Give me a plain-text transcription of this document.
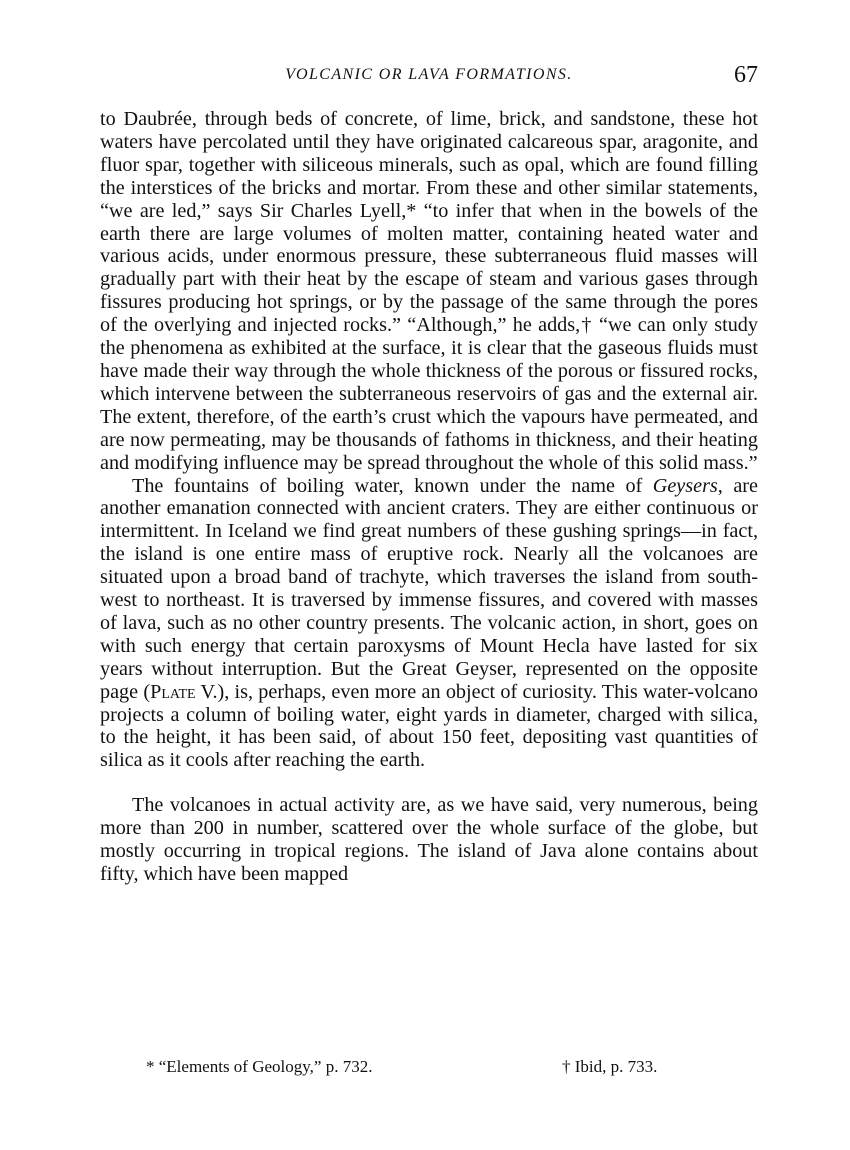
VOLCANIC OR LAVA FORMATIONS.	67

to Daubrée, through beds of concrete, of lime, brick, and sandstone, these hot waters have percolated until they have originated calcareous spar, aragonite, and fluor spar, together with siliceous minerals, such as opal, which are found filling the interstices of the bricks and mortar. From these and other similar statements, “we are led,” says Sir Charles Lyell,* “to infer that when in the bowels of the earth there are large volumes of molten matter, containing heated water and various acids, under enormous pressure, these subterraneous fluid masses will gradually part with their heat by the escape of steam and various gases through fissures producing hot springs, or by the passage of the same through the pores of the overlying and injected rocks.” “Although,” he adds,† “we can only study the phenomena as exhibited at the surface, it is clear that the gaseous fluids must have made their way through the whole thickness of the porous or fissured rocks, which intervene between the subterraneous reservoirs of gas and the external air. The extent, therefore, of the earth’s crust which the vapours have permeated, and are now permeating, may be thousands of fathoms in thickness, and their heating and modifying influence may be spread throughout the whole of this solid mass.”

The fountains of boiling water, known under the name of Geysers, are another emanation connected with ancient craters. They are either continuous or intermittent. In Iceland we find great numbers of these gushing springs—in fact, the island is one entire mass of eruptive rock. Nearly all the volcanoes are situated upon a broad band of trachyte, which traverses the island from south-west to northeast. It is traversed by immense fissures, and covered with masses of lava, such as no other country presents. The volcanic action, in short, goes on with such energy that certain paroxysms of Mount Hecla have lasted for six years without interruption. But the Great Geyser, represented on the opposite page (Plate V.), is, perhaps, even more an object of curiosity. This water-volcano projects a column of boiling water, eight yards in diameter, charged with silica, to the height, it has been said, of about 150 feet, depositing vast quantities of silica as it cools after reaching the earth.

The volcanoes in actual activity are, as we have said, very numerous, being more than 200 in number, scattered over the whole surface of the globe, but mostly occurring in tropical regions. The island of Java alone contains about fifty, which have been mapped

* “Elements of Geology,” p. 732.	† Ibid, p. 733.
